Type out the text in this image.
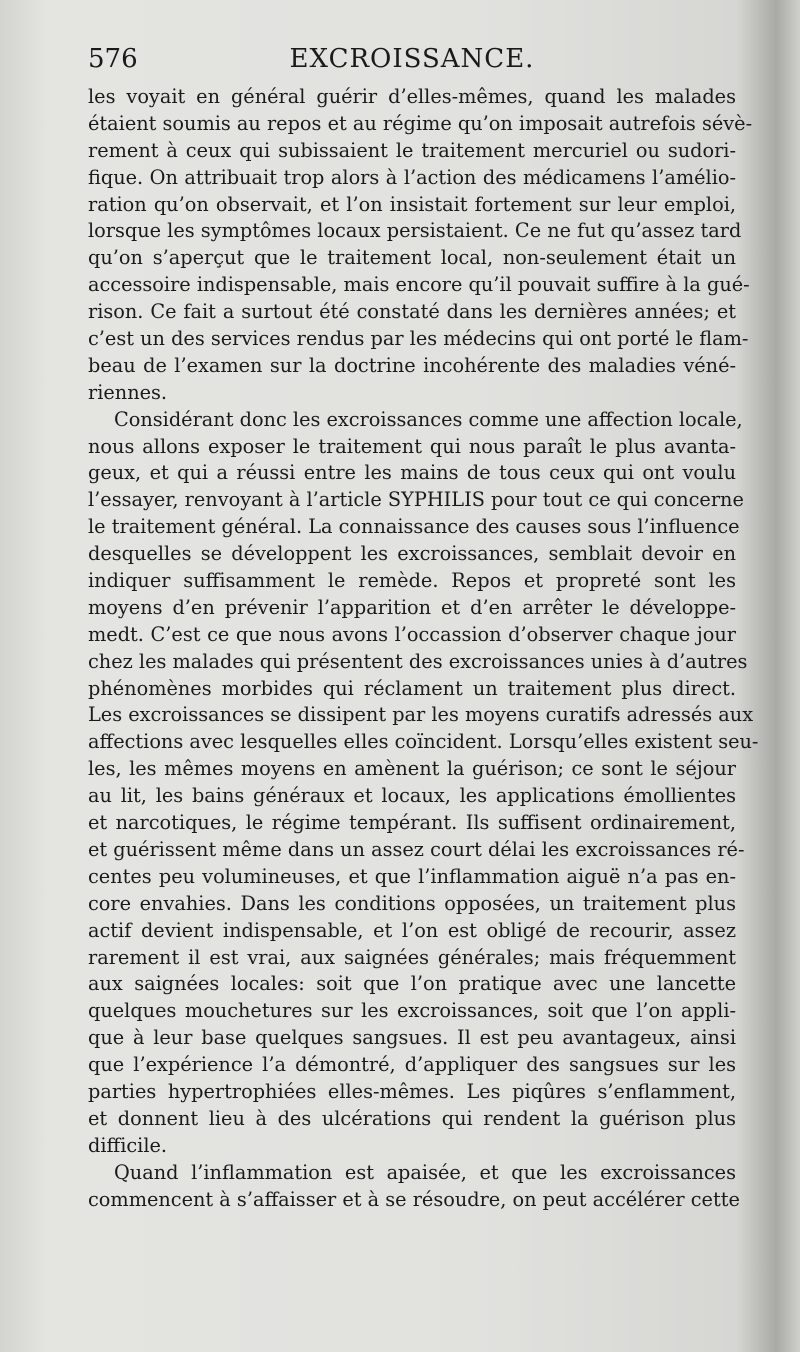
576	EXCROISSANCE.
les voyait en général guérir d’elles-mêmes, quand les malades
étaient soumis au repos et au régime qu’on imposait autrefois sévè-
rement à ceux qui subissaient le traitement mercuriel ou sudori-
fique. On attribuait trop alors à l’action des médicamens l’amélio-
ration qu’on observait, et l’on insistait fortement sur leur emploi,
lorsque les symptômes locaux persistaient. Ce ne fut qu’assez tard
qu’on s’aperçut que le traitement local, non-seulement était un
accessoire indispensable, mais encore qu’il pouvait suffire à la gué-
rison. Ce fait a surtout été constaté dans les dernières années; et
c’est un des services rendus par les médecins qui ont porté le flam-
beau de l’examen sur la doctrine incohérente des maladies véné-
riennes.
Considérant donc les excroissances comme une affection locale,
nous allons exposer le traitement qui nous paraît le plus avanta-
geux, et qui a réussi entre les mains de tous ceux qui ont voulu
l’essayer, renvoyant à l’article SYPHILIS pour tout ce qui concerne
le traitement général. La connaissance des causes sous l’influence
desquelles se développent les excroissances, semblait devoir en
indiquer suffisamment le remède. Repos et propreté sont les
moyens d’en prévenir l’apparition et d’en arrêter le développe-
medt. C’est ce que nous avons l’occassion d’observer chaque jour
chez les malades qui présentent des excroissances unies à d’autres
phénomènes morbides qui réclament un traitement plus direct.
Les excroissances se dissipent par les moyens curatifs adressés aux
affections avec lesquelles elles coïncident. Lorsqu’elles existent seu-
les, les mêmes moyens en amènent la guérison; ce sont le séjour
au lit, les bains généraux et locaux, les applications émollientes
et narcotiques, le régime tempérant. Ils suffisent ordinairement,
et guérissent même dans un assez court délai les excroissances ré-
centes peu volumineuses, et que l’inflammation aiguë n’a pas en-
core envahies. Dans les conditions opposées, un traitement plus
actif devient indispensable, et l’on est obligé de recourir, assez
rarement il est vrai, aux saignées générales; mais fréquemment
aux saignées locales: soit que l’on pratique avec une lancette
quelques mouchetures sur les excroissances, soit que l’on appli-
que à leur base quelques sangsues. Il est peu avantageux, ainsi
que l’expérience l’a démontré, d’appliquer des sangsues sur les
parties hypertrophiées elles-mêmes. Les piqûres s’enflamment,
et donnent lieu à des ulcérations qui rendent la guérison plus
difficile.
Quand l’inflammation est apaisée, et que les excroissances
commencent à s’affaisser et à se résoudre, on peut accélérer cette
